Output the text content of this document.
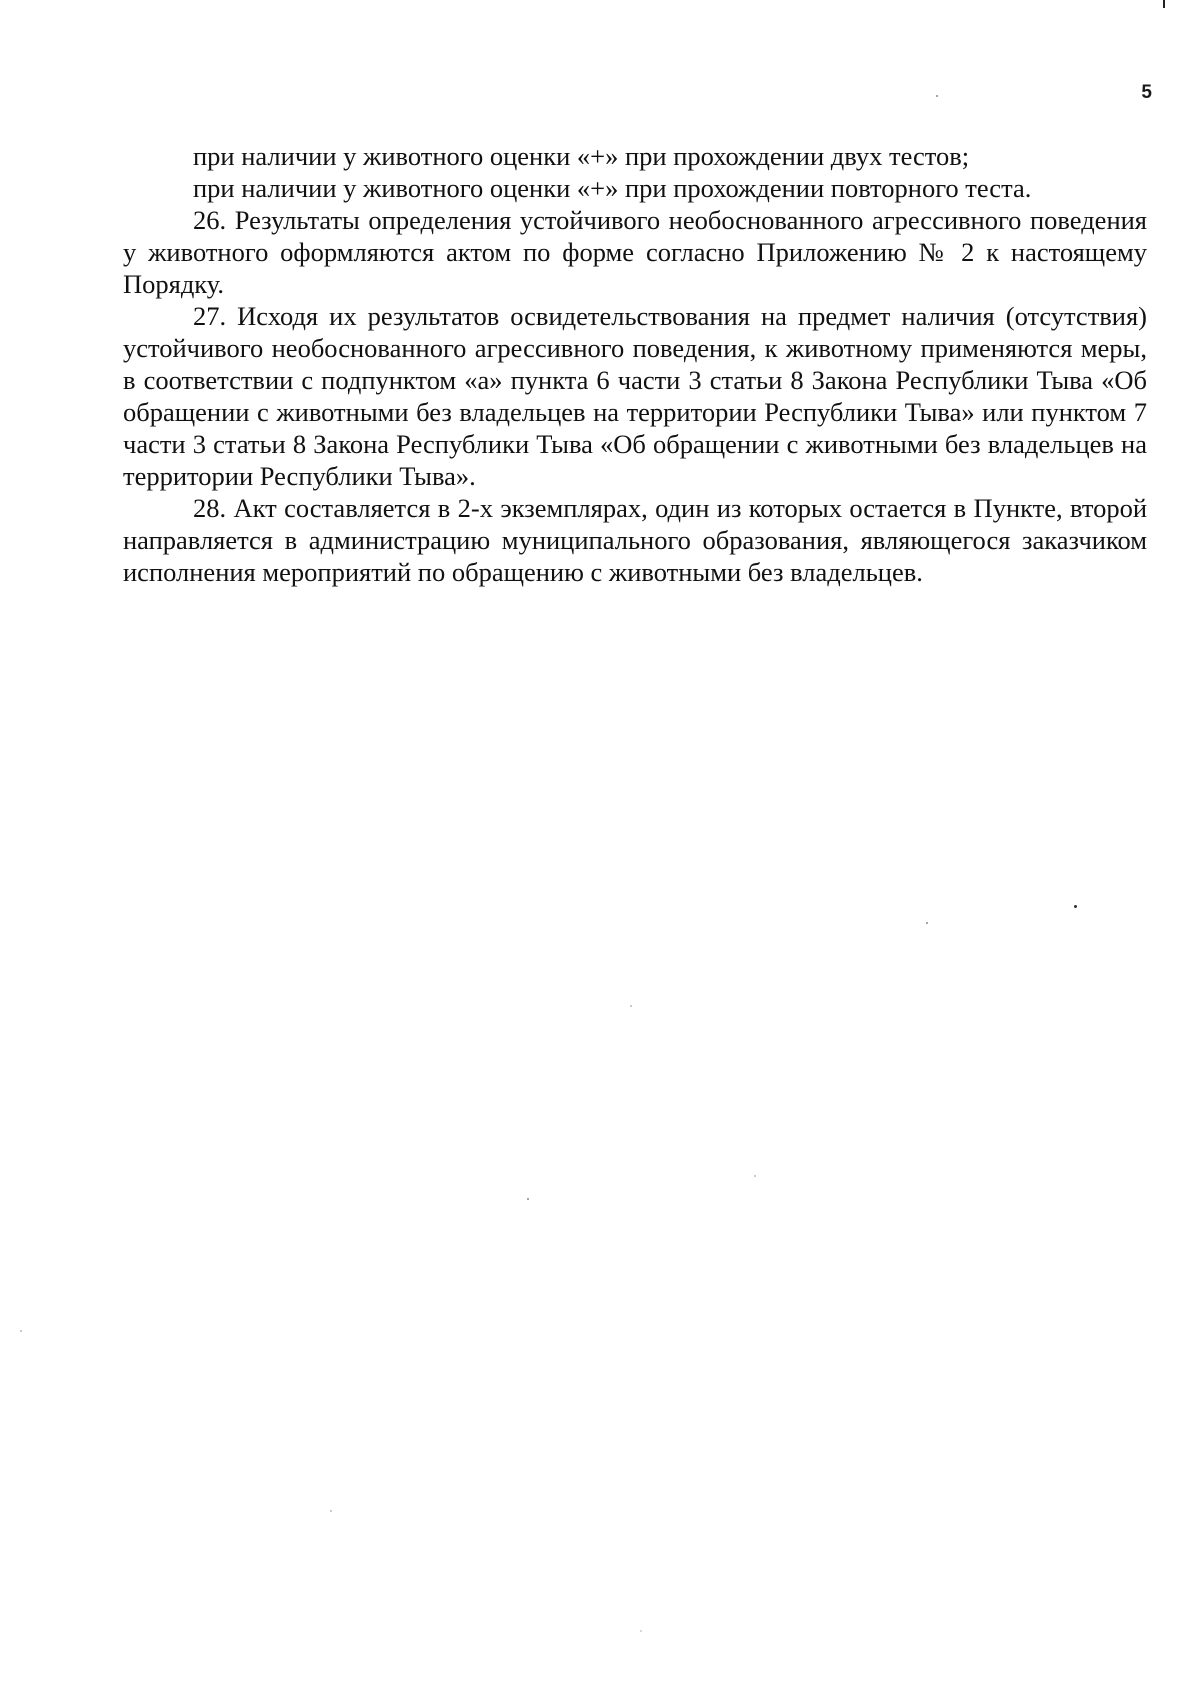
5

при наличии у животного оценки «+» при прохождении двух тестов;

при наличии у животного оценки «+» при прохождении повторного теста.

26. Результаты определения устойчивого необоснованного агрессивного поведения у животного оформляются актом по форме согласно Приложению № 2 к настоящему Порядку.

27. Исходя их результатов освидетельствования на предмет наличия (отсутствия) устойчивого необоснованного агрессивного поведения, к животному применяются меры, в соответствии с подпунктом «а» пункта 6 части 3 статьи 8 Закона Республики Тыва «Об обращении с животными без владельцев на территории Республики Тыва» или пунктом 7 части 3 статьи 8 Закона Республики Тыва «Об обращении с животными без владельцев на территории Республики Тыва».

28. Акт составляется в 2-х экземплярах, один из которых остается в Пункте, второй направляется в администрацию муниципального образования, являющегося заказчиком исполнения мероприятий по обращению с животными без владельцев.
